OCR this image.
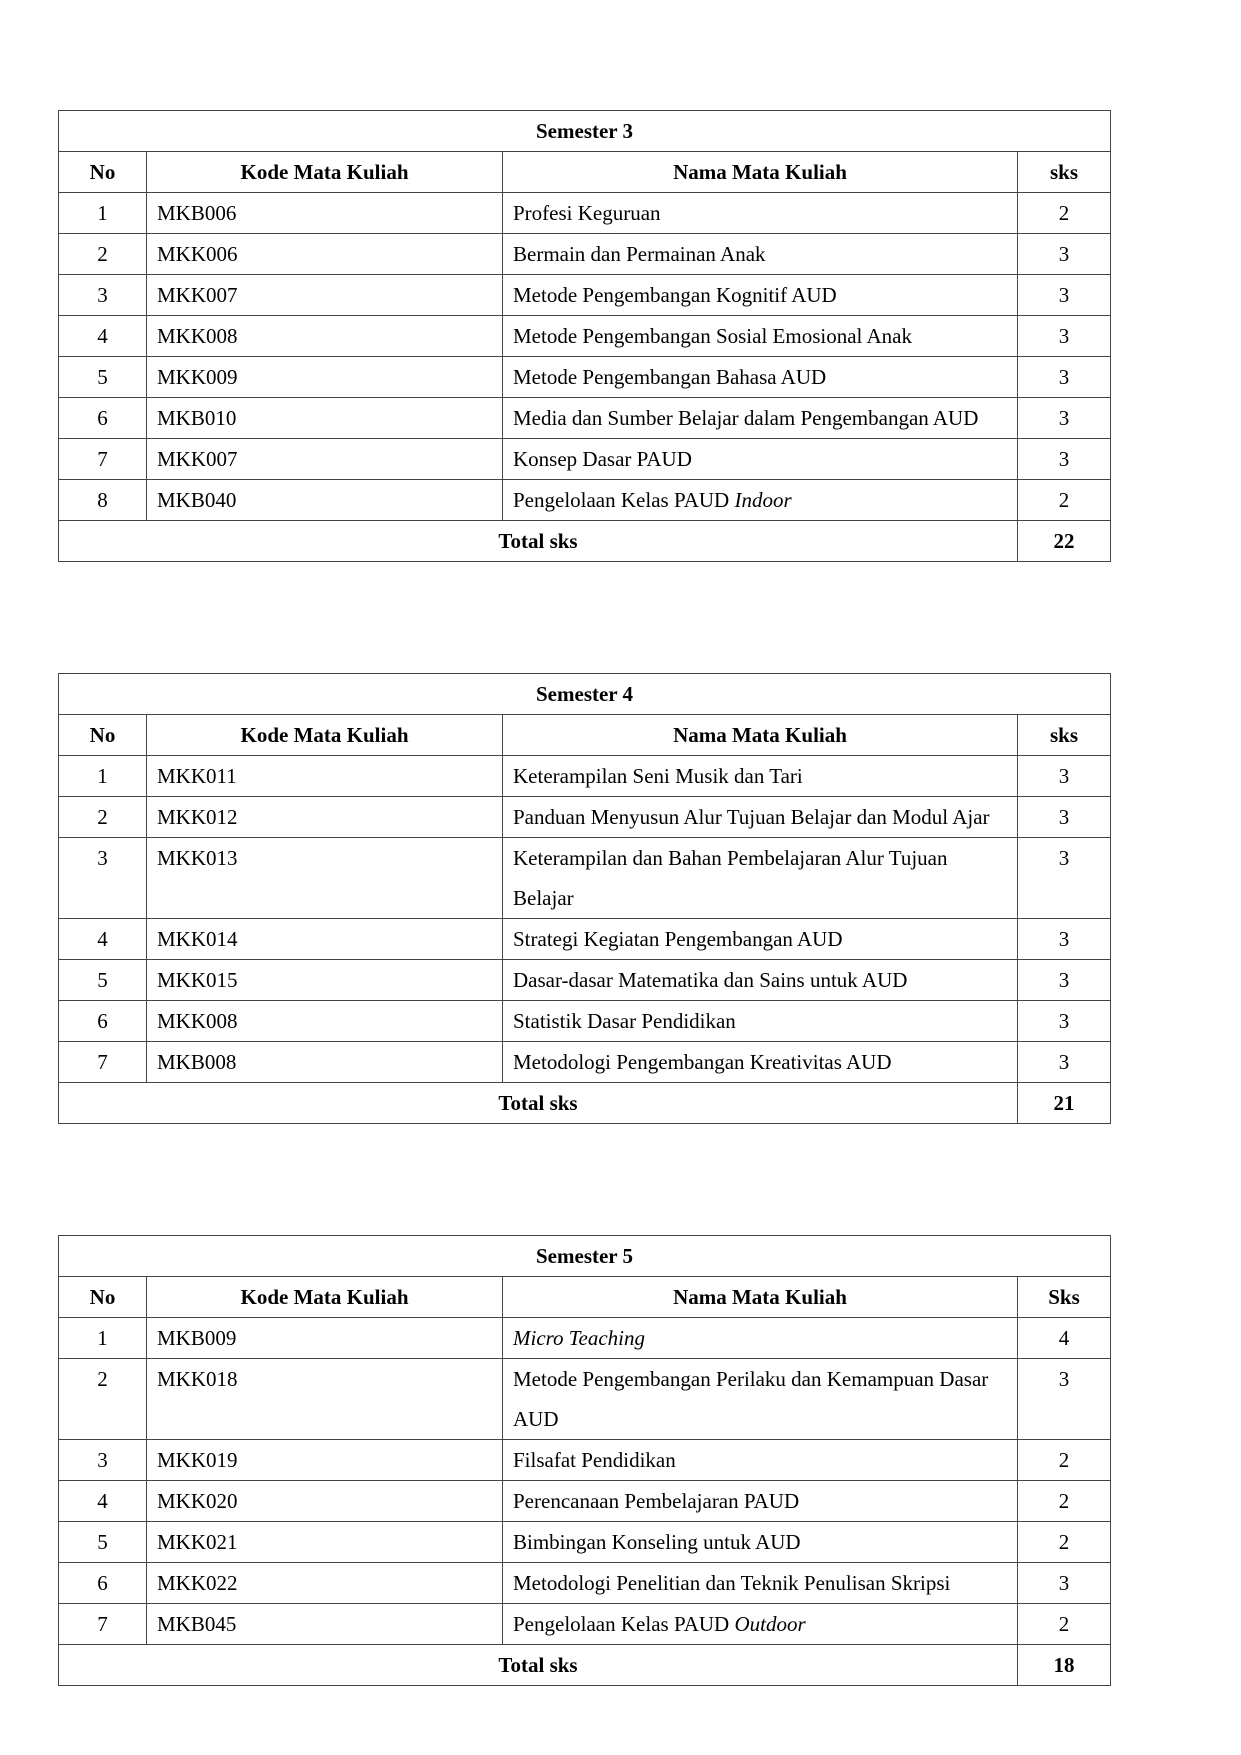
Semester 3			
No	Kode Mata Kuliah	Nama Mata Kuliah	sks
1	MKB006	Profesi Keguruan	2
2	MKK006	Bermain dan Permainan Anak	3
3	MKK007	Metode Pengembangan Kognitif AUD	3
4	MKK008	Metode Pengembangan Sosial Emosional Anak	3
5	MKK009	Metode Pengembangan Bahasa AUD	3
6	MKB010	Media dan Sumber Belajar dalam Pengembangan AUD	3
7	MKK007	Konsep Dasar PAUD	3
8	MKB040	Pengelolaan Kelas PAUD Indoor	2
Total sks			22
Semester 4			
No	Kode Mata Kuliah	Nama Mata Kuliah	sks
1	MKK011	Keterampilan Seni Musik dan Tari	3
2	MKK012	Panduan Menyusun Alur Tujuan Belajar dan Modul Ajar	3
3	MKK013	Keterampilan dan Bahan Pembelajaran Alur Tujuan Belajar	3
4	MKK014	Strategi Kegiatan Pengembangan AUD	3
5	MKK015	Dasar-dasar Matematika dan Sains untuk AUD	3
6	MKK008	Statistik Dasar Pendidikan	3
7	MKB008	Metodologi Pengembangan Kreativitas AUD	3
Total sks			21
Semester 5			
No	Kode Mata Kuliah	Nama Mata Kuliah	Sks
1	MKB009	Micro Teaching	4
2	MKK018	Metode Pengembangan Perilaku dan Kemampuan Dasar AUD	3
3	MKK019	Filsafat Pendidikan	2
4	MKK020	Perencanaan Pembelajaran PAUD	2
5	MKK021	Bimbingan Konseling untuk AUD	2
6	MKK022	Metodologi Penelitian dan Teknik Penulisan Skripsi	3
7	MKB045	Pengelolaan Kelas PAUD Outdoor	2
Total sks			18
